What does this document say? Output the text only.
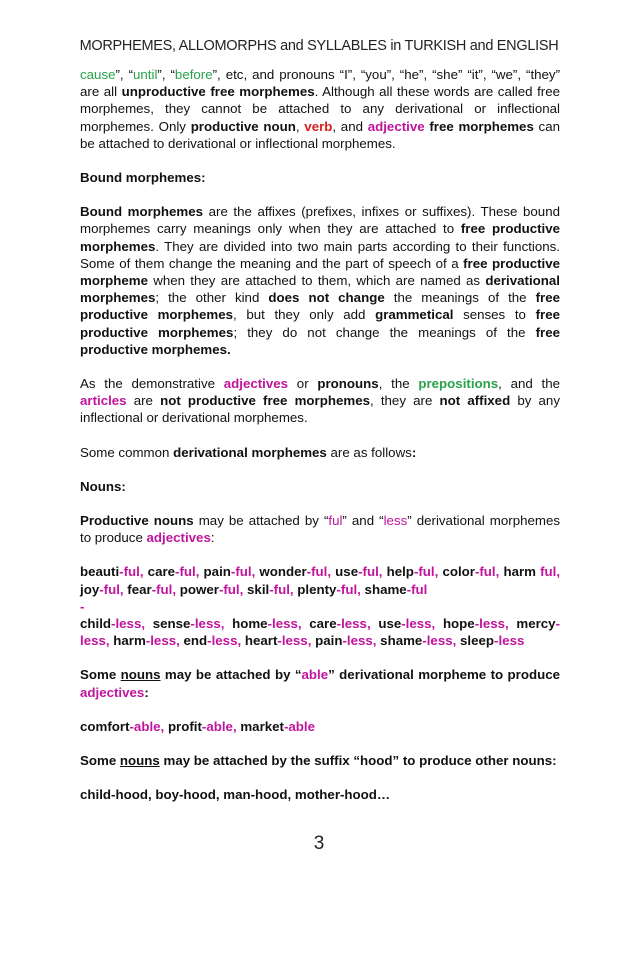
MORPHEMES, ALLOMORPHS and SYLLABLES in TURKISH and ENGLISH

cause”, “until”, “before”, etc, and pronouns “I”, “you”, “he”, “she” “it”, “we”, “they” are all unproductive free morphemes. Although all these words are called free morphemes, they cannot be attached to any derivational or inflectional morphemes. Only productive noun, verb, and adjective free morphemes can be attached to derivational or inflectional morphemes.

Bound morphemes:

Bound morphemes are the affixes (prefixes, infixes or suffixes). These bound morphemes carry meanings only when they are attached to free productive morphemes. They are divided into two main parts according to their functions. Some of them change the meaning and the part of speech of a free productive morpheme when they are attached to them, which are named as derivational morphemes; the other kind does not change the meanings of the free productive morphemes, but they only add grammetical senses to free productive morphemes; they do not change the meanings of the free productive morphemes.

As the demonstrative adjectives or pronouns, the prepositions, and the articles are not productive free morphemes, they are not affixed by any inflectional or derivational morphemes.

Some common derivational morphemes are as follows:

Nouns:

Productive nouns may be attached by “ful” and “less” derivational morphemes to produce adjectives:

beauti-ful, care-ful, pain-ful, wonder-ful, use-ful, help-ful, color-ful, harm ful, joy-ful, fear-ful, power-ful, skil-ful, plenty-ful, shame-ful
-
child-less, sense-less, home-less, care-less, use-less, hope-less, mercy-less, harm-less, end-less, heart-less, pain-less, shame-less, sleep-less

Some nouns may be attached by “able” derivational morpheme to produce adjectives:

comfort-able, profit-able, market-able

Some nouns may be attached by the suffix “hood” to produce other nouns:

child-hood, boy-hood, man-hood, mother-hood…

3
